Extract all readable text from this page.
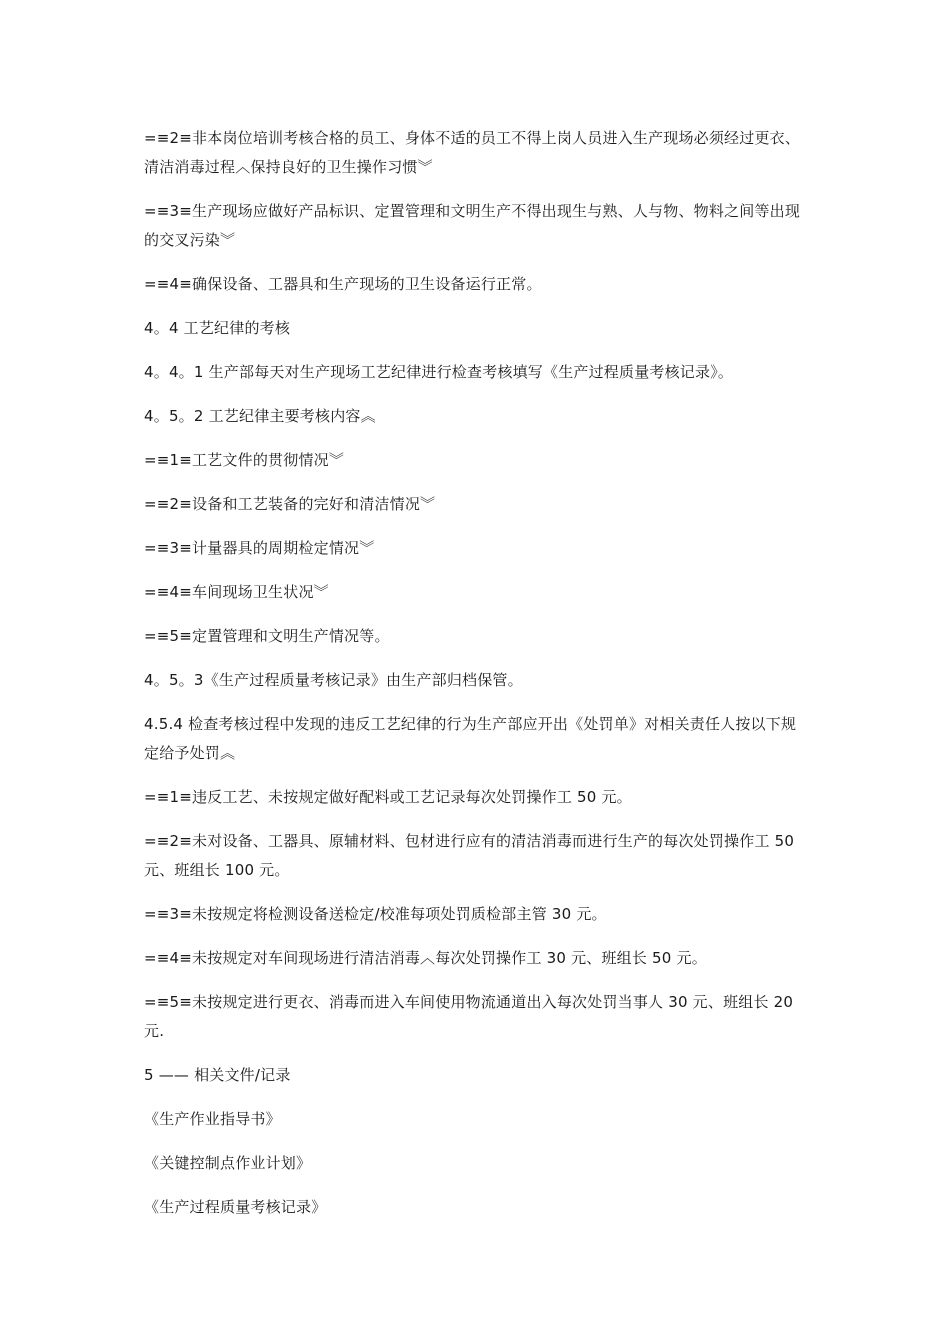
=≡2≡非本岗位培训考核合格的员工、身体不适的员工不得上岗人员进入生产现场必须经过更衣、清洁消毒过程︿保持良好的卫生操作习惯︾

=≡3≡生产现场应做好产品标识、定置管理和文明生产不得出现生与熟、人与物、物料之间等出现的交叉污染︾

=≡4≡确保设备、工器具和生产现场的卫生设备运行正常。

4。4 工艺纪律的考核

4。4。1 生产部每天对生产现场工艺纪律进行检查考核填写《生产过程质量考核记录》。

4。5。2 工艺纪律主要考核内容︽

=≡1≡工艺文件的贯彻情况︾

=≡2≡设备和工艺装备的完好和清洁情况︾

=≡3≡计量器具的周期检定情况︾

=≡4≡车间现场卫生状况︾

=≡5≡定置管理和文明生产情况等。

4。5。3《生产过程质量考核记录》由生产部归档保管。

4.5.4 检查考核过程中发现的违反工艺纪律的行为生产部应开出《处罚单》对相关责任人按以下规定给予处罚︽

=≡1≡违反工艺、未按规定做好配料或工艺记录每次处罚操作工 50 元。

=≡2≡未对设备、工器具、原辅材料、包材进行应有的清洁消毒而进行生产的每次处罚操作工 50 元、班组长 100 元。

=≡3≡未按规定将检测设备送检定/校准每项处罚质检部主管 30 元。

=≡4≡未按规定对车间现场进行清洁消毒︿每次处罚操作工 30 元、班组长 50 元。

=≡5≡未按规定进行更衣、消毒而进入车间使用物流通道出入每次处罚当事人 30 元、班组长 20 元.

5 —— 相关文件/记录

《生产作业指导书》

《关键控制点作业计划》

《生产过程质量考核记录》
